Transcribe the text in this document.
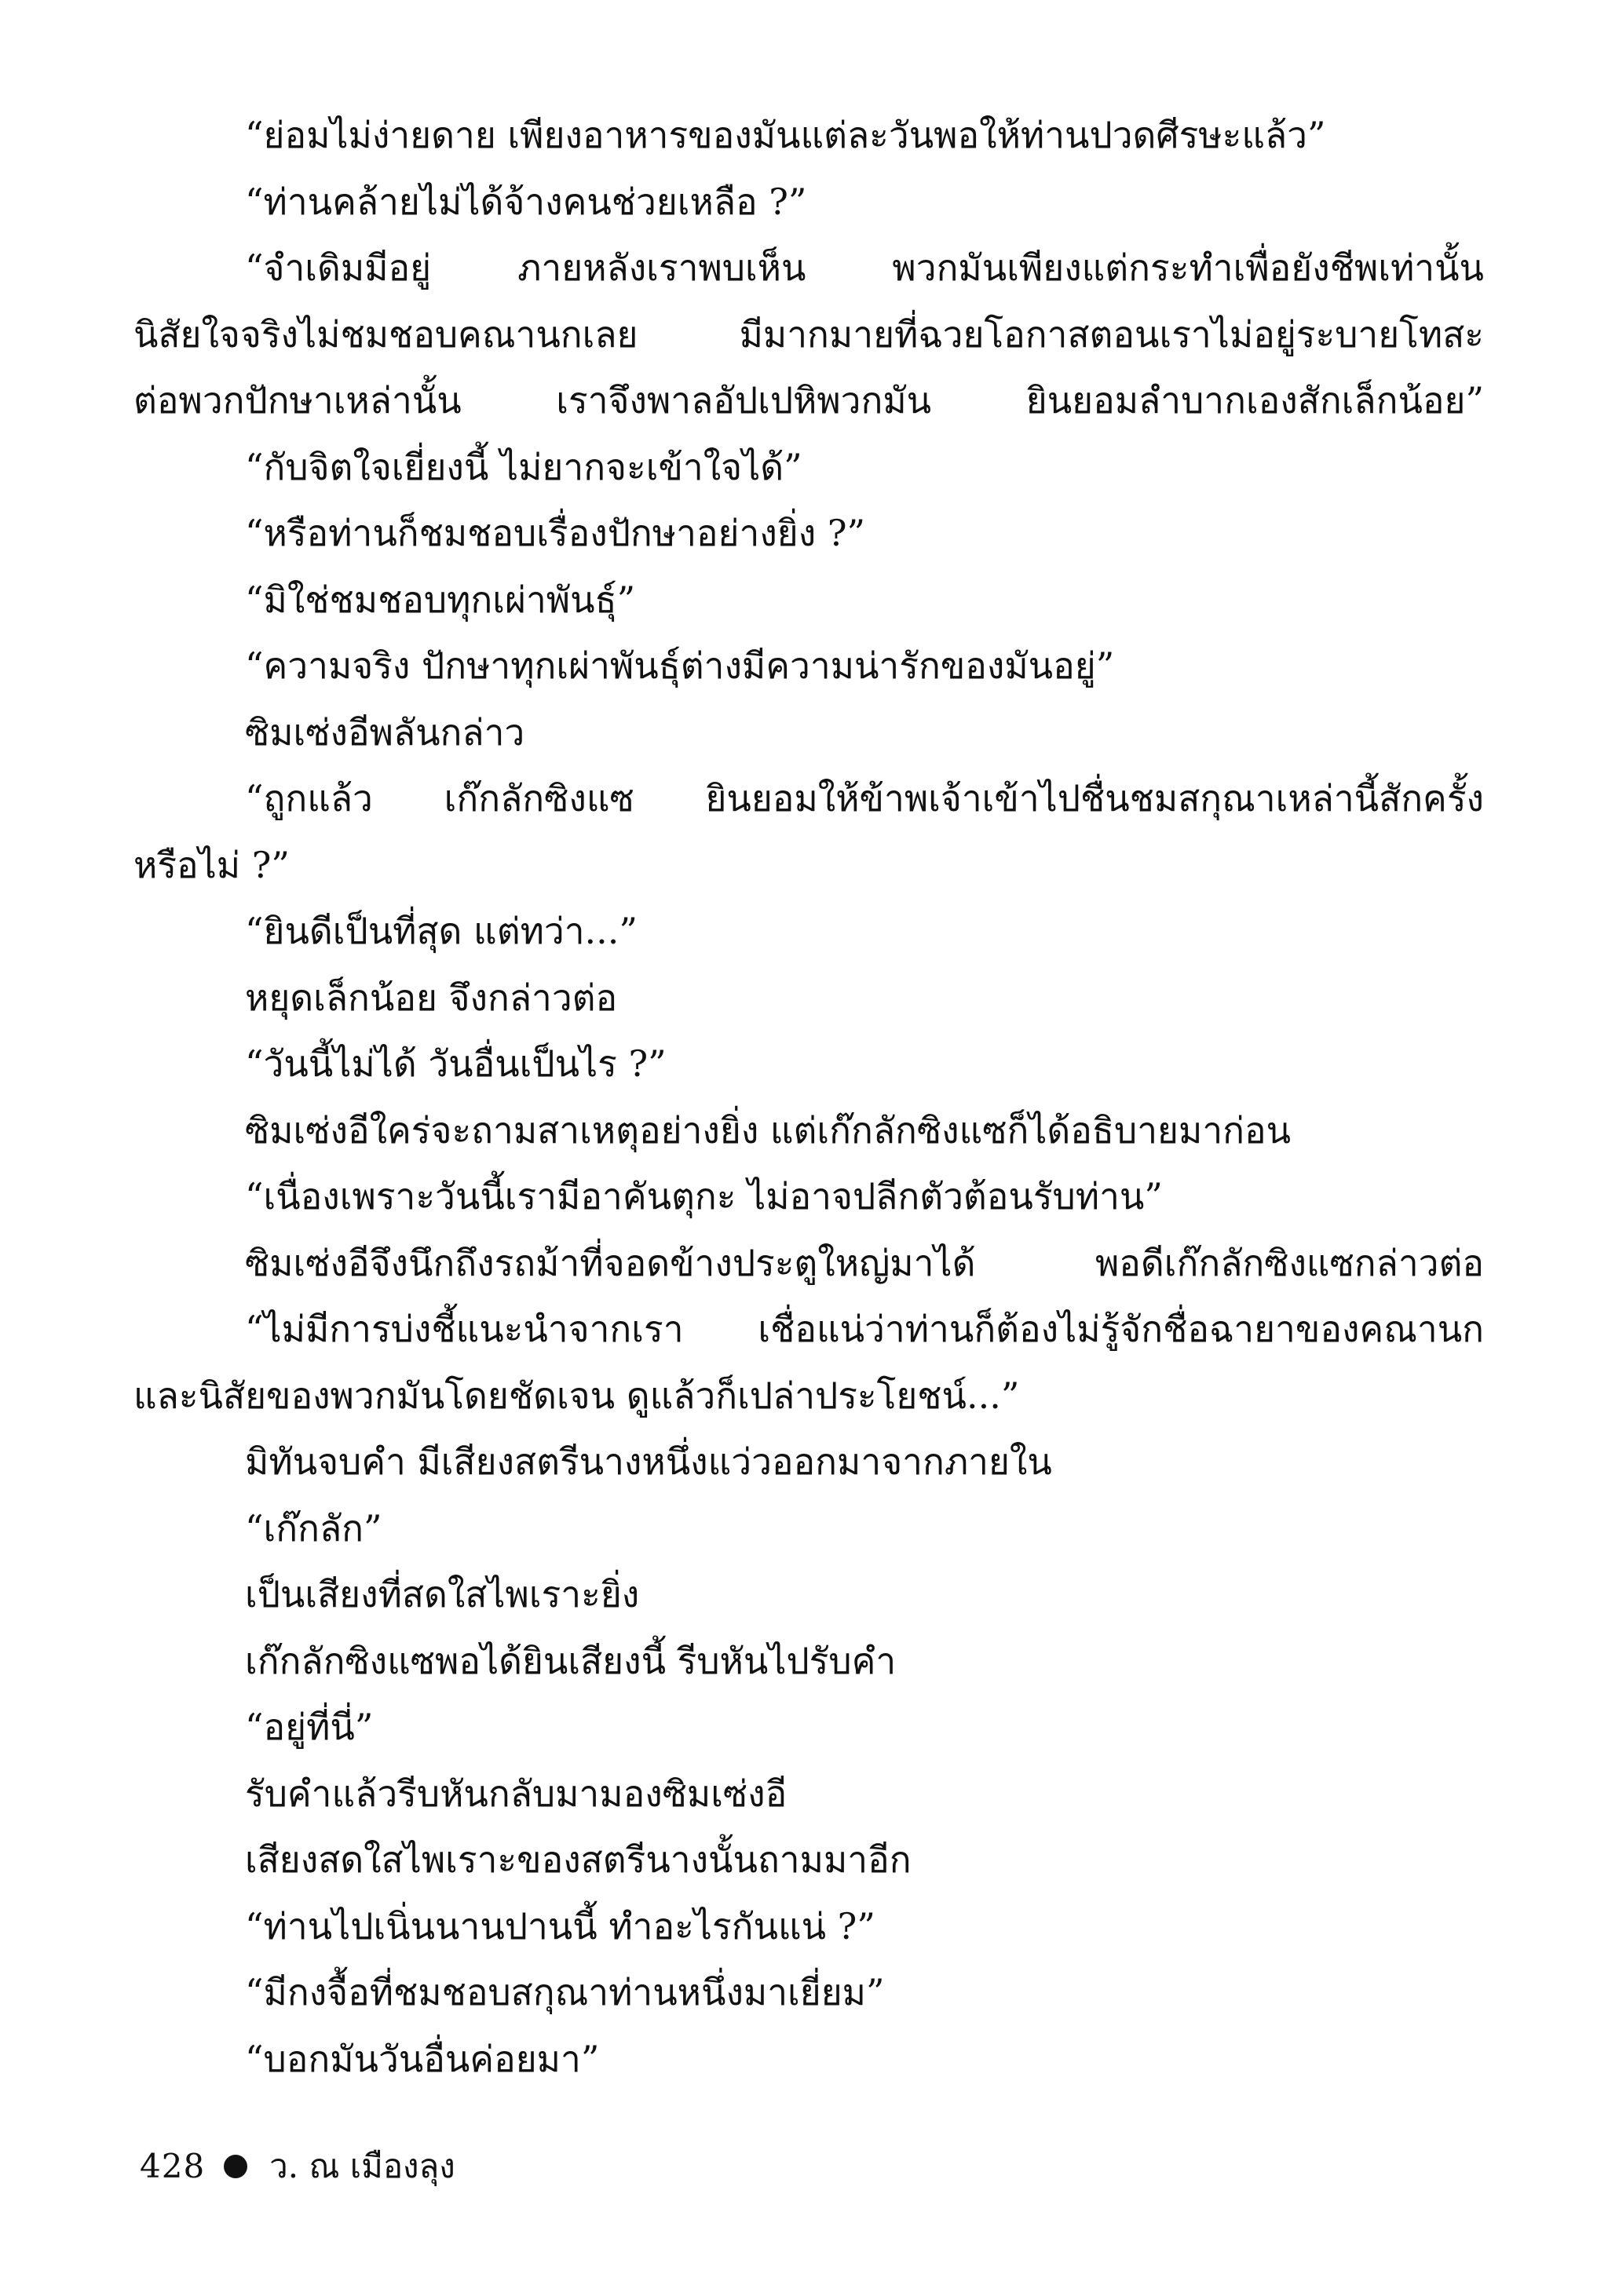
“ย่อมไม่ง่ายดาย เพียงอาหารของมันแต่ละวันพอให้ท่านปวดศีรษะแล้ว”
“ท่านคล้ายไม่ได้จ้างคนช่วยเหลือ ?”
“จำเดิมมีอยู่ ภายหลังเราพบเห็น พวกมันเพียงแต่กระทำเพื่อยังชีพเท่านั้น
นิสัยใจจริงไม่ชมชอบคณานกเลย มีมากมายที่ฉวยโอกาสตอนเราไม่อยู่ระบายโทสะ
ต่อพวกปักษาเหล่านั้น เราจึงพาลอัปเปหิพวกมัน ยินยอมลำบากเองสักเล็กน้อย”
“กับจิตใจเยี่ยงนี้ ไม่ยากจะเข้าใจได้”
“หรือท่านก็ชมชอบเรื่องปักษาอย่างยิ่ง ?”
“มิใช่ชมชอบทุกเผ่าพันธุ์”
“ความจริง ปักษาทุกเผ่าพันธุ์ต่างมีความน่ารักของมันอยู่”
ซิมเซ่งอีพลันกล่าว
“ถูกแล้ว เก๊กลักซิงแซ ยินยอมให้ข้าพเจ้าเข้าไปชื่นชมสกุณาเหล่านี้สักครั้ง
หรือไม่ ?”
“ยินดีเป็นที่สุด แต่ทว่า...”
หยุดเล็กน้อย จึงกล่าวต่อ
“วันนี้ไม่ได้ วันอื่นเป็นไร ?”
ซิมเซ่งอีใคร่จะถามสาเหตุอย่างยิ่ง แต่เก๊กลักซิงแซก็ได้อธิบายมาก่อน
“เนื่องเพราะวันนี้เรามีอาคันตุกะ ไม่อาจปลีกตัวต้อนรับท่าน”
ซิมเซ่งอีจึงนึกถึงรถม้าที่จอดข้างประตูใหญ่มาได้ พอดีเก๊กลักซิงแซกล่าวต่อ
“ไม่มีการบ่งชี้แนะนำจากเรา เชื่อแน่ว่าท่านก็ต้องไม่รู้จักชื่อฉายาของคณานก
และนิสัยของพวกมันโดยชัดเจน ดูแล้วก็เปล่าประโยชน์...”
มิทันจบคำ มีเสียงสตรีนางหนึ่งแว่วออกมาจากภายใน
“เก๊กลัก”
เป็นเสียงที่สดใสไพเราะยิ่ง
เก๊กลักซิงแซพอได้ยินเสียงนี้ รีบหันไปรับคำ
“อยู่ที่นี่”
รับคำแล้วรีบหันกลับมามองซิมเซ่งอี
เสียงสดใสไพเราะของสตรีนางนั้นถามมาอีก
“ท่านไปเนิ่นนานปานนี้ ทำอะไรกันแน่ ?”
“มีกงจื้อที่ชมชอบสกุณาท่านหนึ่งมาเยี่ยม”
“บอกมันวันอื่นค่อยมา”
428 ว. ณ เมืองลุง
